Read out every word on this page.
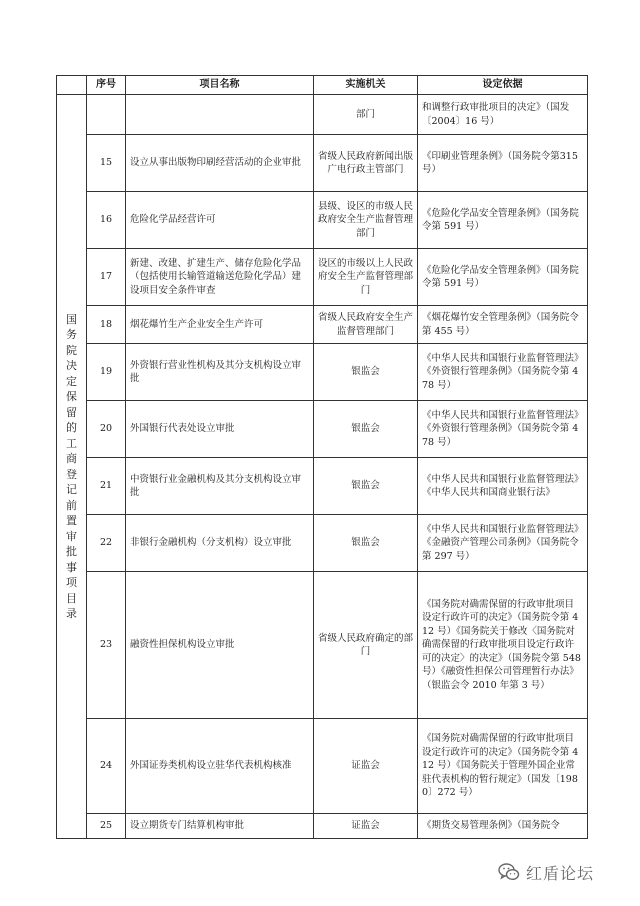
	序号	项目名称	实施机关	设定依据

国务院决定保留的工商登记前置审批事项目录			部门	和调整行政审批项目的决定》（国发〔2004〕16 号）
	15	设立从事出版物印刷经营活动的企业审批	省级人民政府新闻出版广电行政主管部门	《印刷业管理条例》（国务院令第315 号）
	16	危险化学品经营许可	县级、设区的市级人民政府安全生产监督管理部门	《危险化学品安全管理条例》（国务院令第 591 号）
	17	新建、改建、扩建生产、储存危险化学品（包括使用长输管道输送危险化学品）建设项目安全条件审查	设区的市级以上人民政府安全生产监督管理部门	《危险化学品安全管理条例》（国务院令第 591 号）
	18	烟花爆竹生产企业安全生产许可	省级人民政府安全生产监督管理部门	《烟花爆竹安全管理条例》（国务院令第 455 号）
	19	外资银行营业性机构及其分支机构设立审批	银监会	《中华人民共和国银行业监督管理法》《外资银行管理条例》（国务院令第 478 号）
	20	外国银行代表处设立审批	银监会	《中华人民共和国银行业监督管理法》《外资银行管理条例》（国务院令第 478 号）
	21	中资银行业金融机构及其分支机构设立审批	银监会	《中华人民共和国银行业监督管理法》《中华人民共和国商业银行法》
	22	非银行金融机构（分支机构）设立审批	银监会	《中华人民共和国银行业监督管理法》《金融资产管理公司条例》（国务院令第 297 号）
	23	融资性担保机构设立审批	省级人民政府确定的部门	《国务院对确需保留的行政审批项目设定行政许可的决定》（国务院令第 412 号）《国务院关于修改〈国务院对确需保留的行政审批项目设定行政许可的决定〉的决定》（国务院令第 548 号）《融资性担保公司管理暂行办法》（银监会令 2010 年第 3 号）
	24	外国证券类机构设立驻华代表机构核准	证监会	《国务院对确需保留的行政审批项目设定行政许可的决定》（国务院令第 412 号）《国务院关于管理外国企业常驻代表机构的暂行规定》（国发〔1980〕272 号）
	25	设立期货专门结算机构审批	证监会	《期货交易管理条例》（国务院令
红盾论坛
